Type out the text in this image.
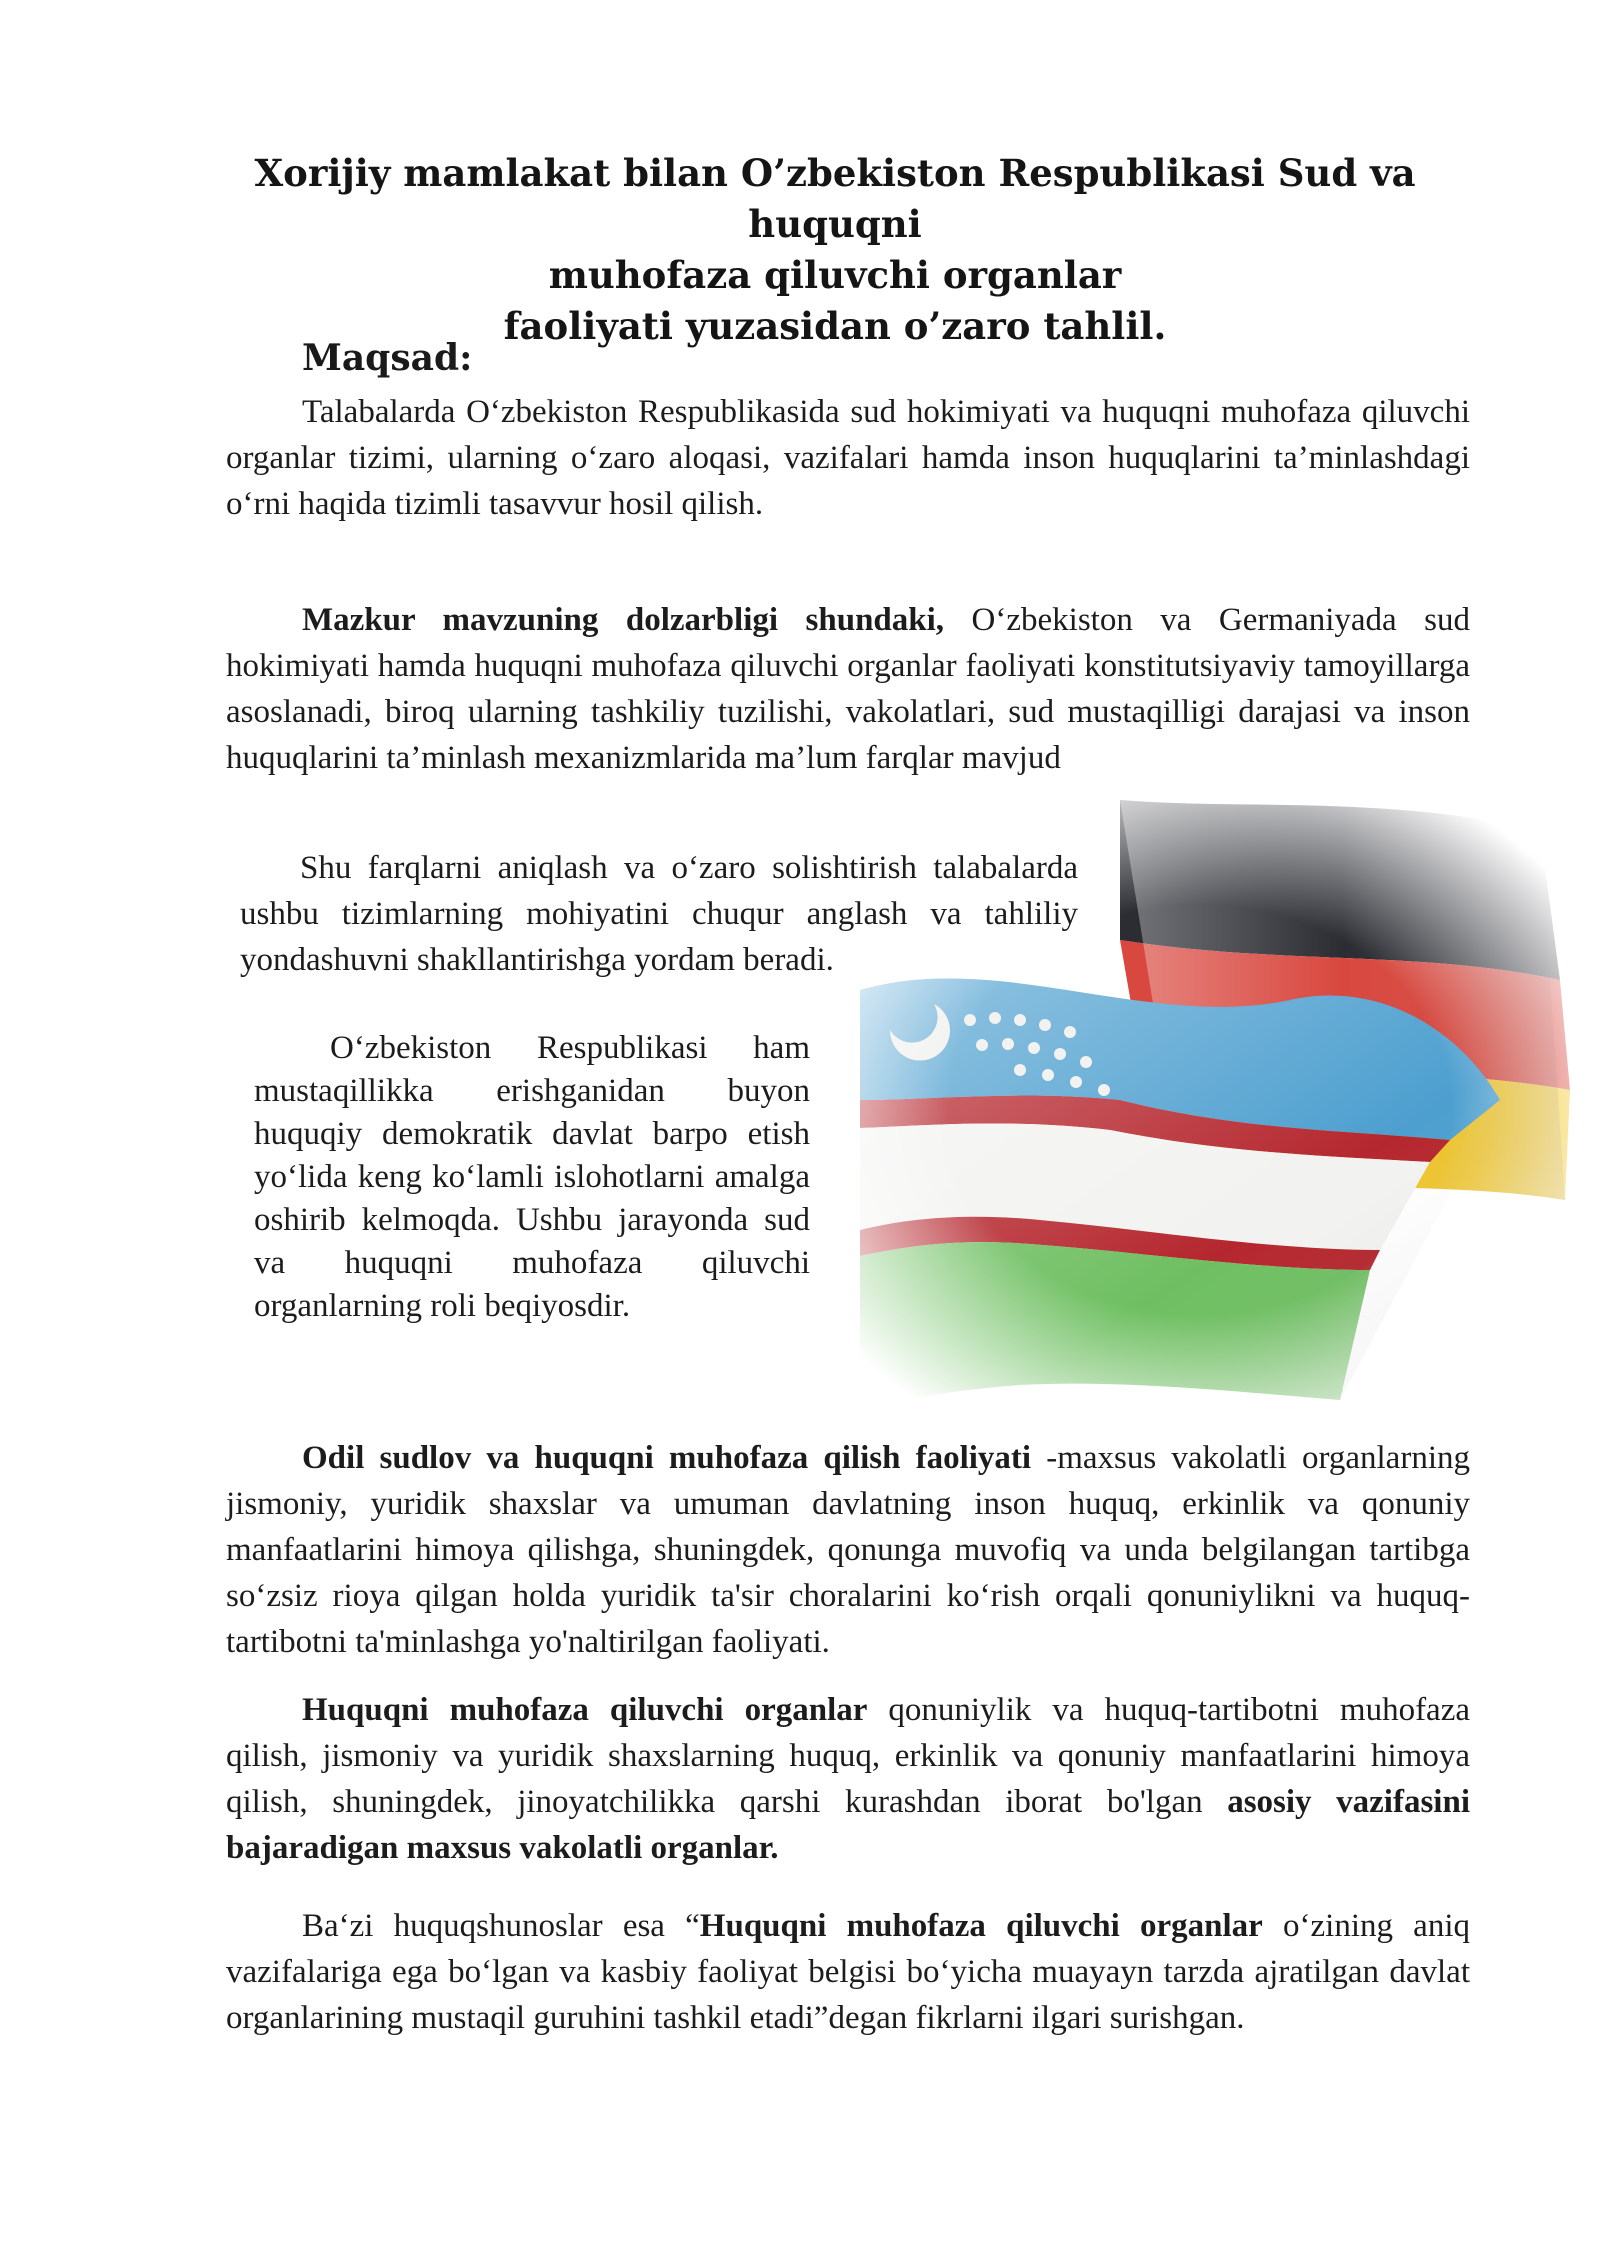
Xorijiy mamlakat bilan O’zbekiston Respublikasi Sud va huquqni
muhofaza qiluvchi organlar
faoliyati yuzasidan o’zaro tahlil.
Maqsad:

Talabalarda O‘zbekiston Respublikasida sud hokimiyati va huquqni muhofaza qiluvchi organlar tizimi, ularning o‘zaro aloqasi, vazifalari hamda inson huquqlarini ta’minlashdagi o‘rni haqida tizimli tasavvur hosil qilish.

Mazkur mavzuning dolzarbligi shundaki, O‘zbekiston va Germaniyada sud hokimiyati hamda huquqni muhofaza qiluvchi organlar faoliyati konstitutsiyaviy tamoyillarga asoslanadi, biroq ularning tashkiliy tuzilishi, vakolatlari, sud mustaqilligi darajasi va inson huquqlarini ta’minlash mexanizmlarida ma’lum farqlar mavjud

Shu farqlarni aniqlash va o‘zaro solishtirish talabalarda ushbu tizimlarning mohiyatini chuqur anglash va tahliliy yondashuvni shakllantirishga yordam beradi.

O‘zbekiston Respublikasi ham mustaqillikka erishganidan buyon huquqiy demokratik davlat barpo etish yo‘lida keng ko‘lamli islohotlarni amalga oshirib kelmoqda. Ushbu jarayonda sud va huquqni muhofaza qiluvchi organlarning roli beqiyosdir.

Odil sudlov va huquqni muhofaza qilish faoliyati -maxsus vakolatli organlarning jismoniy, yuridik shaxslar va umuman davlatning inson huquq, erkinlik va qonuniy manfaatlarini himoya qilishga, shuningdek, qonunga muvofiq va unda belgilangan tartibga so‘zsiz rioya qilgan holda yuridik ta'sir choralarini ko‘rish orqali qonuniylikni va huquq-tartibotni ta'minlashga yo'naltirilgan faoliyati.

Huquqni muhofaza qiluvchi organlar qonuniylik va huquq-tartibotni muhofaza qilish, jismoniy va yuridik shaxslarning huquq, erkinlik va qonuniy manfaatlarini himoya qilish, shuningdek, jinoyatchilikka qarshi kurashdan iborat bo'lgan asosiy vazifasini bajaradigan maxsus vakolatli organlar.

Ba‘zi huquqshunoslar esa “Huquqni muhofaza qiluvchi organlar o‘zining aniq vazifalariga ega bo‘lgan va kasbiy faoliyat belgisi bo‘yicha muayayn tarzda ajratilgan davlat organlarining mustaqil guruhini tashkil etadi”degan fikrlarni ilgari surishgan.
